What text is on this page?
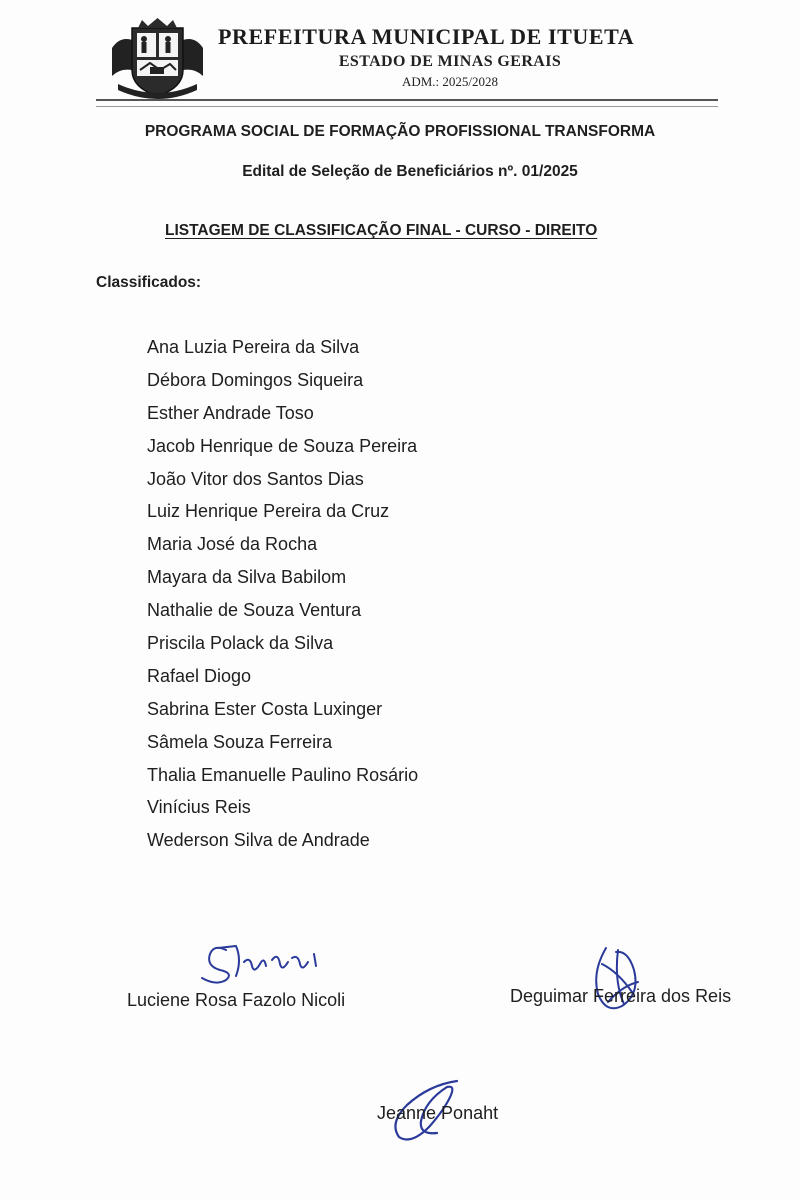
PREFEITURA MUNICIPAL DE ITUETA
ESTADO DE MINAS GERAIS
ADM.: 2025/2028
PROGRAMA SOCIAL DE FORMAÇÃO PROFISSIONAL TRANSFORMA
Edital de Seleção de Beneficiários nº. 01/2025
LISTAGEM DE CLASSIFICAÇÃO FINAL - CURSO - DIREITO
Classificados:
Ana Luzia Pereira da Silva
Débora Domingos Siqueira
Esther Andrade Toso
Jacob Henrique de Souza Pereira
João Vitor dos Santos Dias
Luiz Henrique Pereira da Cruz
Maria José da Rocha
Mayara da Silva Babilom
Nathalie de Souza Ventura
Priscila Polack da Silva
Rafael Diogo
Sabrina Ester Costa Luxinger
Sâmela Souza Ferreira
Thalia Emanuelle Paulino Rosário
Vinícius Reis
Wederson Silva de Andrade
Luciene Rosa Fazolo Nicoli	Deguimar Ferreira dos Reis
Jeanne Ponaht
